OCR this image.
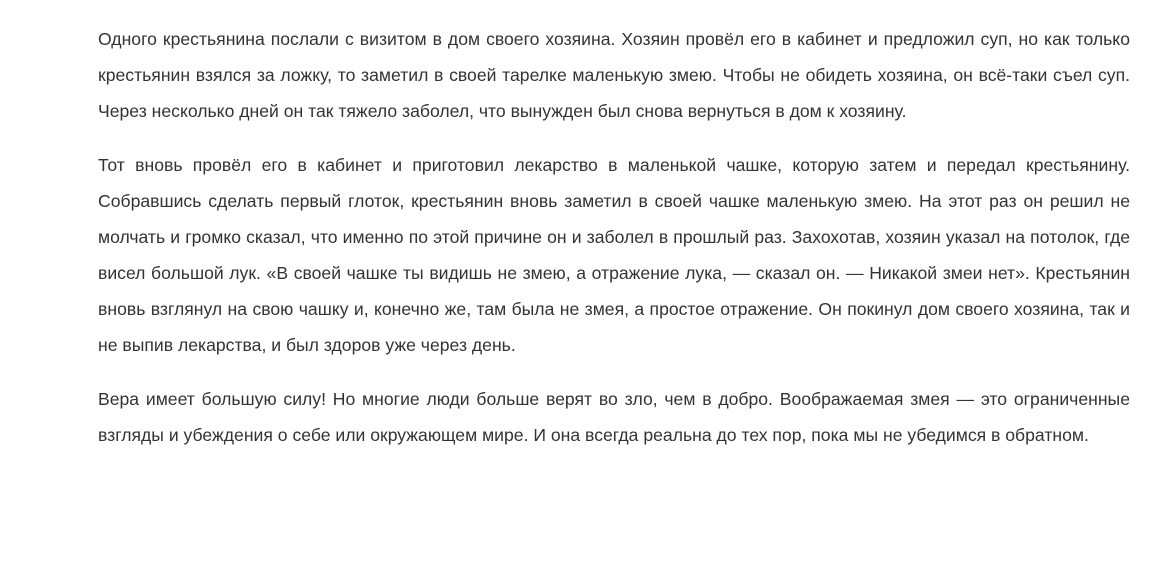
Одного крестьянина послали с визитом в дом своего хозяина. Хозяин провёл его в кабинет и предложил суп, но как только крестьянин взялся за ложку, то заметил в своей тарелке маленькую змею. Чтобы не обидеть хозяина, он всё-таки съел суп. Через несколько дней он так тяжело заболел, что вынужден был снова вернуться в дом к хозяину.

Тот вновь провёл его в кабинет и приготовил лекарство в маленькой чашке, которую затем и передал крестьянину. Собравшись сделать первый глоток, крестьянин вновь заметил в своей чашке маленькую змею. На этот раз он решил не молчать и громко сказал, что именно по этой причине он и заболел в прошлый раз. Захохотав, хозяин указал на потолок, где висел большой лук. «В своей чашке ты видишь не змею, а отражение лука, — сказал он. — Никакой змеи нет». Крестьянин вновь взглянул на свою чашку и, конечно же, там была не змея, а простое отражение. Он покинул дом своего хозяина, так и не выпив лекарства, и был здоров уже через день.

Вера имеет большую силу! Но многие люди больше верят во зло, чем в добро. Воображаемая змея — это ограниченные взгляды и убеждения о себе или окружающем мире. И она всегда реальна до тех пор, пока мы не убедимся в обратном.
